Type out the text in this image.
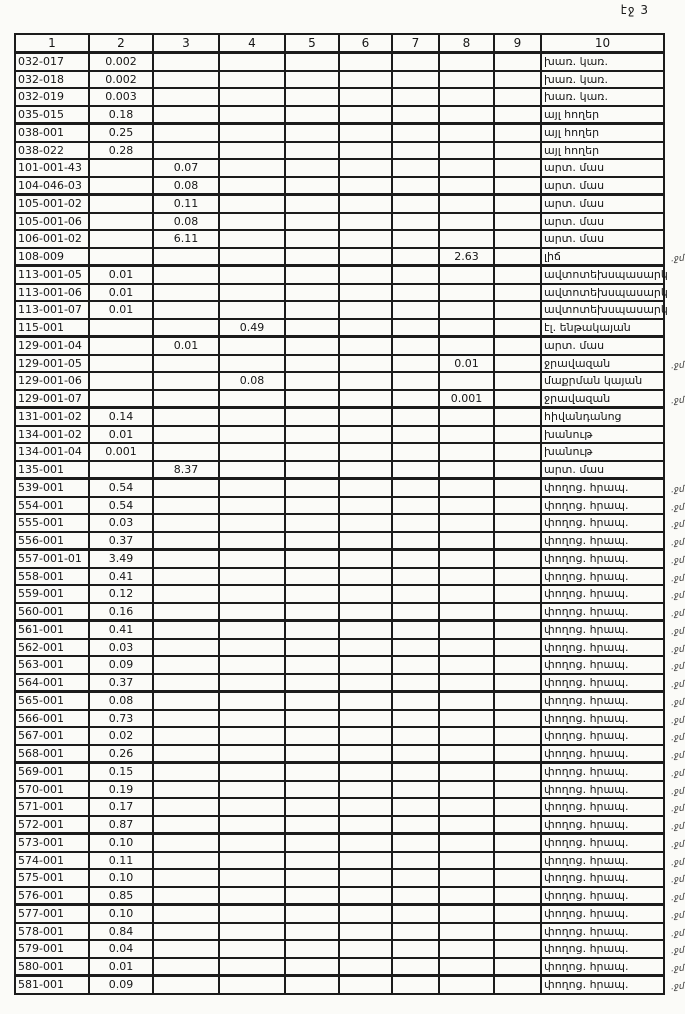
էջ 3
1	2	3	4	5	6	7	8	9	10
032-017	0.002								խառ. կառ.
032-018	0.002								խառ. կառ.
032-019	0.003								խառ. կառ.
035-015	0.18								այլ հողեր
038-001	0.25								այլ հողեր
038-022	0.28								այլ հողեր
101-001-43		0.07							արտ. մաս
104-046-03		0.08							արտ. մաս
105-001-02		0.11							արտ. մաս
105-001-06		0.08							արտ. մաս
106-001-02		6.11							արտ. մաս
108-009							2.63		լիճ .ջմ

113-001-05	0.01								ավտոտեխսպասարկ
113-001-06	0.01								ավտոտեխսպասարկ
113-001-07	0.01								ավտոտեխսպասարկ
115-001			0.49						էլ. ենթակայան
129-001-04		0.01							արտ. մաս
129-001-05							0.01		ջրավազան .ջմ

129-001-06			0.08						մաքրման կայան
129-001-07							0.001		ջրավազան .ջմ

131-001-02	0.14								հիվանդանոց
134-001-02	0.01								խանութ
134-001-04	0.001								խանութ
135-001		8.37							արտ. մաս
539-001	0.54								փողոց. հրապ. .ջմ

554-001	0.54								փողոց. հրապ. .ջմ

555-001	0.03								փողոց. հրապ. .ջմ

556-001	0.37								փողոց. հրապ. .ջմ

557-001-01	3.49								փողոց. հրապ. .ջմ

558-001	0.41								փողոց. հրապ. .ջմ

559-001	0.12								փողոց. հրապ. .ջմ

560-001	0.16								փողոց. հրապ. .ջմ

561-001	0.41								փողոց. հրապ. .ջմ

562-001	0.03								փողոց. հրապ. .ջմ

563-001	0.09								փողոց. հրապ. .ջմ

564-001	0.37								փողոց. հրապ. .ջմ

565-001	0.08								փողոց. հրապ. .ջմ

566-001	0.73								փողոց. հրապ. .ջմ

567-001	0.02								փողոց. հրապ. .ջմ

568-001	0.26								փողոց. հրապ. .ջմ

569-001	0.15								փողոց. հրապ. .ջմ

570-001	0.19								փողոց. հրապ. .ջմ

571-001	0.17								փողոց. հրապ. .ջմ

572-001	0.87								փողոց. հրապ. .ջմ

573-001	0.10								փողոց. հրապ. .ջմ

574-001	0.11								փողոց. հրապ. .ջմ

575-001	0.10								փողոց. հրապ. .ջմ

576-001	0.85								փողոց. հրապ. .ջմ

577-001	0.10								փողոց. հրապ. .ջմ

578-001	0.84								փողոց. հրապ. .ջմ

579-001	0.04								փողոց. հրապ. .ջմ

580-001	0.01								փողոց. հրապ. .ջմ

581-001	0.09								փողոց. հրապ. .ջմ
